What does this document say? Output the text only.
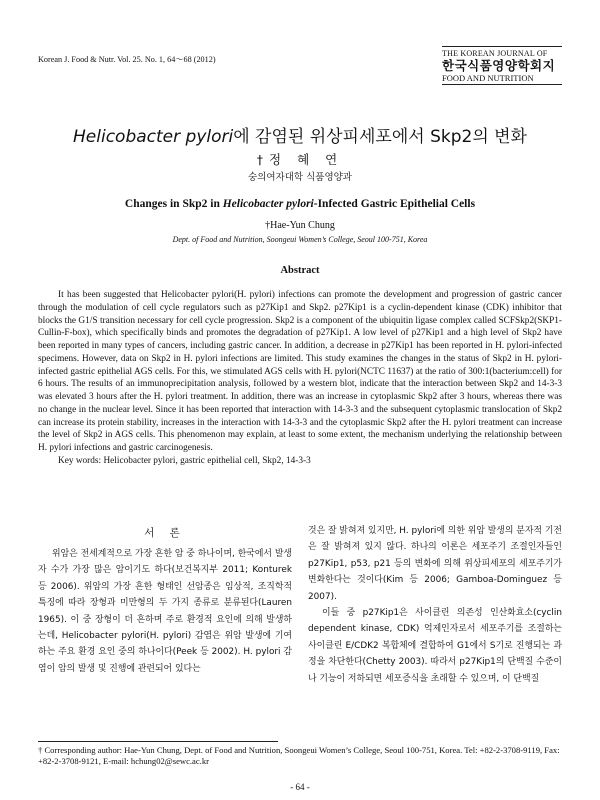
Korean J. Food & Nutr. Vol. 25. No. 1, 64～68 (2012)
THE KOREAN JOURNAL OF
한국식품영양학회지
FOOD AND NUTRITION
Helicobacter pylori에 감염된 위상피세포에서 Skp2의 변화
†정 혜 연
숭의여자대학 식품영양과
Changes in Skp2 in Helicobacter pylori-Infected Gastric Epithelial Cells
†Hae-Yun Chung
Dept. of Food and Nutrition, Soongeui Women’s College, Seoul 100-751, Korea
Abstract

It has been suggested that Helicobacter pylori(H. pylori) infections can promote the development and progression of gastric cancer through the modulation of cell cycle regulators such as p27Kip1 and Skp2. p27Kip1 is a cyclin-dependent kinase (CDK) inhibitor that blocks the G1/S transition necessary for cell cycle progression. Skp2 is a component of the ubiquitin ligase complex called SCFSkp2(SKP1-Cullin-F-box), which specifically binds and promotes the degradation of p27Kip1. A low level of p27Kip1 and a high level of Skp2 have been reported in many types of cancers, including gastric cancer. In addition, a decrease in p27Kip1 has been reported in H. pylori-infected specimens. However, data on Skp2 in H. pylori infections are limited. This study examines the changes in the status of Skp2 in H. pylori-infected gastric epithelial AGS cells. For this, we stimulated AGS cells with H. pylori(NCTC 11637) at the ratio of 300:1(bacterium:cell) for 6 hours. The results of an immunoprecipitation analysis, followed by a western blot, indicate that the interaction between Skp2 and 14-3-3 was elevated 3 hours after the H. pylori treatment. In addition, there was an increase in cytoplasmic Skp2 after 3 hours, whereas there was no change in the nuclear level. Since it has been reported that interaction with 14-3-3 and the subsequent cytoplasmic translocation of Skp2 can increase its protein stability, increases in the interaction with 14-3-3 and the cytoplasmic Skp2 after the H. pylori treatment can increase the level of Skp2 in AGS cells. This phenomenon may explain, at least to some extent, the mechanism underlying the relationship between H. pylori infections and gastric carcinogenesis.

Key words: Helicobacter pylori, gastric epithelial cell, Skp2, 14-3-3

서 론

위암은 전세계적으로 가장 흔한 암 중 하나이며, 한국에서 발생자 수가 가장 많은 암이기도 하다(보건복지부 2011; Konturek 등 2006). 위암의 가장 흔한 형태인 선암종은 임상적, 조직학적 특징에 따라 장형과 미만형의 두 가지 종류로 분류된다(Lauren 1965). 이 중 장형이 더 흔하며 주로 환경적 요인에 의해 발생하는데, Helicobacter pylori(H. pylori) 감염은 위암 발생에 기여하는 주요 환경 요인 중의 하나이다(Peek 등 2002). H. pylori 감염이 암의 발생 및 진행에 관련되어 있다는

것은 잘 밝혀져 있지만, H. pylori에 의한 위암 발생의 분자적 기전은 잘 밝혀져 있지 않다. 하나의 이론은 세포주기 조절인자들인 p27Kip1, p53, p21 등의 변화에 의해 위상피세포의 세포주기가 변화한다는 것이다(Kim 등 2006; Gamboa-Dominguez 등 2007).

이들 중 p27Kip1은 사이클린 의존성 인산화효소(cyclin dependent kinase, CDK) 억제인자로서 세포주기를 조절하는 사이클린 E/CDK2 복합체에 결합하여 G1에서 S기로 진행되는 과정을 차단한다(Chetty 2003). 따라서 p27Kip1의 단백질 수준이 나 기능이 저하되면 세포증식을 초래할 수 있으며, 이 단백질

† Corresponding author: Hae-Yun Chung, Dept. of Food and Nutrition, Soongeui Women’s College, Seoul 100-751, Korea. Tel: +82-2-3708-9119, Fax: +82-2-3708-9121, E-mail: hchung02@sewc.ac.kr
- 64 -
